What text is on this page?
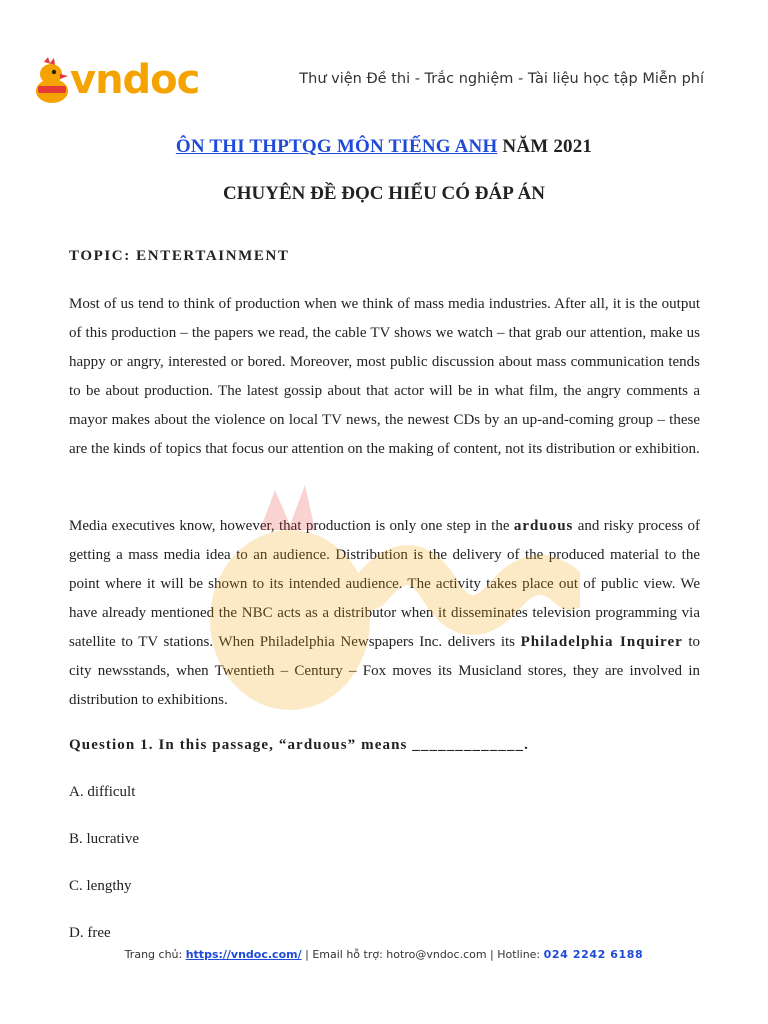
vndoc	Thư viện Đề thi - Trắc nghiệm - Tài liệu học tập Miễn phí
ÔN THI THPTQG MÔN TIẾNG ANH NĂM 2021
CHUYÊN ĐỀ ĐỌC HIỂU CÓ ĐÁP ÁN
TOPIC: ENTERTAINMENT

Most of us tend to think of production when we think of mass media industries. After all, it is the output of this production – the papers we read, the cable TV shows we watch – that grab our attention, make us happy or angry, interested or bored. Moreover, most public discussion about mass communication tends to be about production. The latest gossip about that actor will be in what film, the angry comments a mayor makes about the violence on local TV news, the newest CDs by an up-and-coming group – these are the kinds of topics that focus our attention on the making of content, not its distribution or exhibition.

Media executives know, however, that production is only one step in the arduous and risky process of getting a mass media idea to an audience. Distribution is the delivery of the produced material to the point where it will be shown to its intended audience. The activity takes place out of public view. We have already mentioned the NBC acts as a distributor when it disseminates television programming via satellite to TV stations. When Philadelphia Newspapers Inc. delivers its Philadelphia Inquirer to city newsstands, when Twentieth – Century – Fox moves its Musicland stores, they are involved in distribution to exhibitions.

Question 1. In this passage, “arduous” means _____________.
A. difficult
B. lucrative
C. lengthy
D. free
Trang chủ: https://vndoc.com/ | Email hỗ trợ: hotro@vndoc.com | Hotline: 024 2242 6188
